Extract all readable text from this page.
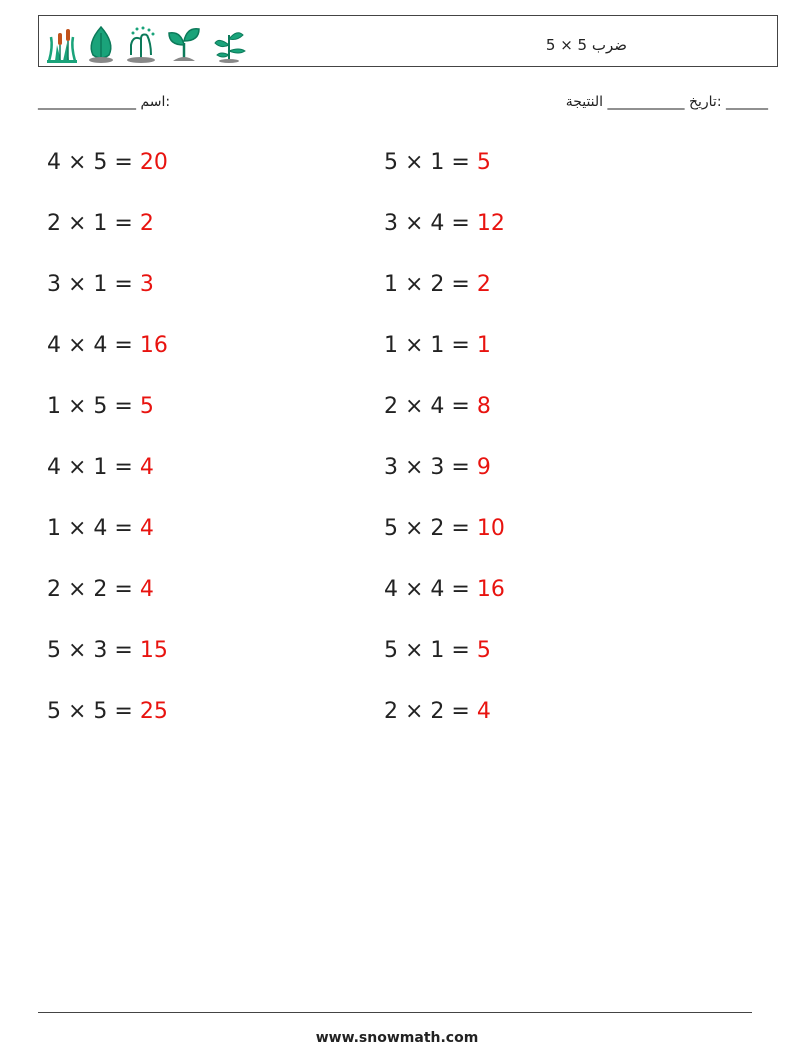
ضرب 5 × 5
:اسم ______________	______ :تاريخ ___________ النتيجة
4 × 5 = 20	5 × 1 = 5
2 × 1 = 2	3 × 4 = 12
3 × 1 = 3	1 × 2 = 2
4 × 4 = 16	1 × 1 = 1
1 × 5 = 5	2 × 4 = 8
4 × 1 = 4	3 × 3 = 9
1 × 4 = 4	5 × 2 = 10
2 × 2 = 4	4 × 4 = 16
5 × 3 = 15	5 × 1 = 5
5 × 5 = 25	2 × 2 = 4
www.snowmath.com
